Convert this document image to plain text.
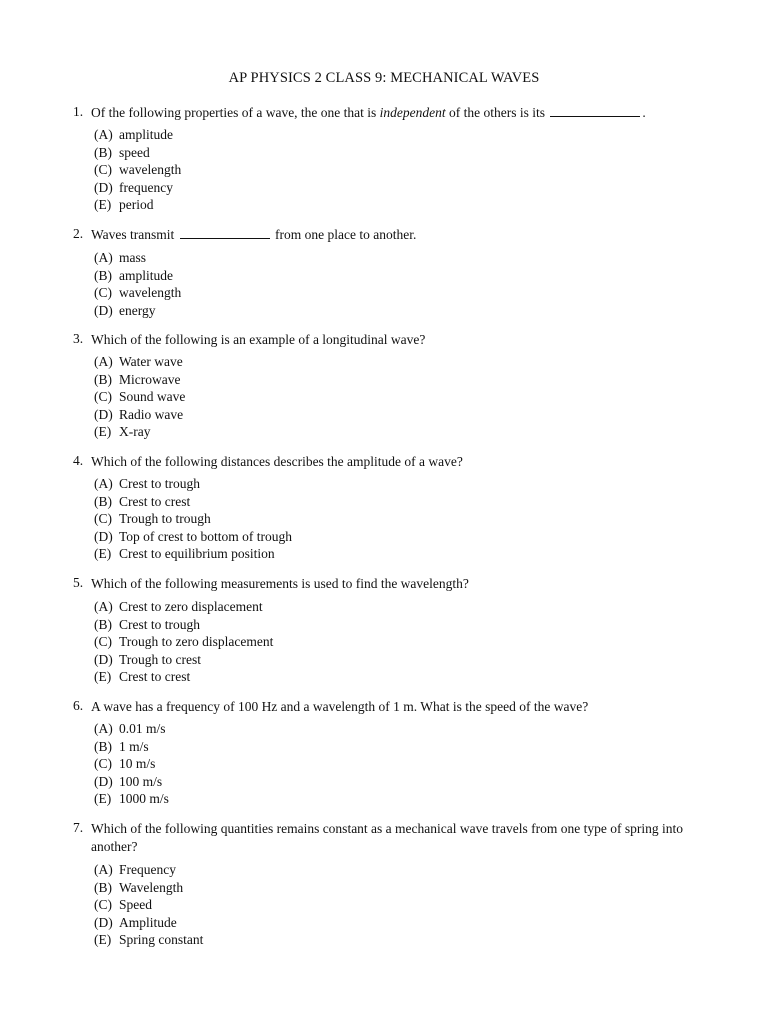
AP PHYSICS 2 CLASS 9: MECHANICAL WAVES
1. Of the following properties of a wave, the one that is independent of the others is its	.
(A) amplitude
(B) speed
(C) wavelength
(D) frequency
(E) period
2. Waves transmit	from one place to another.
(A) mass
(B) amplitude
(C) wavelength
(D) energy
3. Which of the following is an example of a longitudinal wave?
(A) Water wave
(B) Microwave
(C) Sound wave
(D) Radio wave
(E) X-ray
4. Which of the following distances describes the amplitude of a wave?
(A) Crest to trough
(B) Crest to crest
(C) Trough to trough
(D) Top of crest to bottom of trough
(E) Crest to equilibrium position
5. Which of the following measurements is used to find the wavelength?
(A) Crest to zero displacement
(B) Crest to trough
(C) Trough to zero displacement
(D) Trough to crest
(E) Crest to crest
6. A wave has a frequency of 100 Hz and a wavelength of 1 m. What is the speed of the wave?
(A) 0.01 m/s
(B) 1 m/s
(C) 10 m/s
(D) 100 m/s
(E) 1000 m/s
7. Which of the following quantities remains constant as a mechanical wave travels from one type of spring into another?
(A) Frequency
(B) Wavelength
(C) Speed
(D) Amplitude
(E) Spring constant
